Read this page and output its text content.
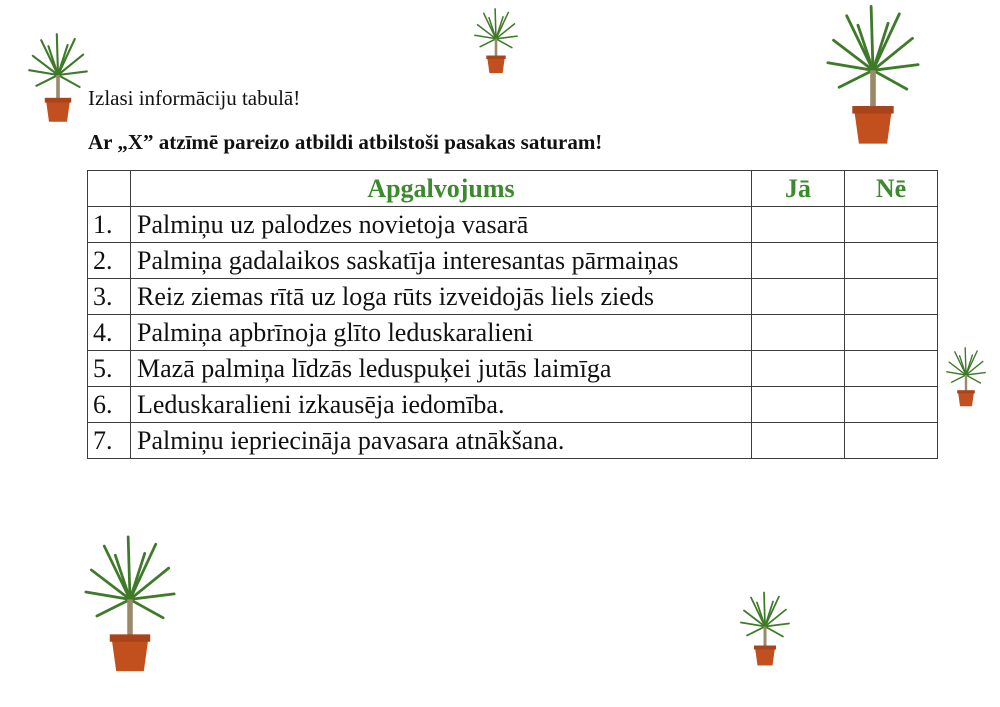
Izlasi informāciju tabulā!
Ar „X” atzīmē pareizo atbildi atbilstoši pasakas saturam!
	Apgalvojums	Jā	Nē
1.	Palmiņu uz palodzes novietoja vasarā		
2.	Palmiņa gadalaikos saskatīja interesantas pārmaiņas		
3.	Reiz ziemas rītā uz loga rūts izveidojās liels zieds		
4.	Palmiņa apbrīnoja glīto leduskaralieni		
5.	Mazā palmiņa līdzās leduspuķei jutās laimīga		
6.	Leduskaralieni izkausēja iedomība.		
7.	Palmiņu iepriecināja pavasara atnākšana.		
